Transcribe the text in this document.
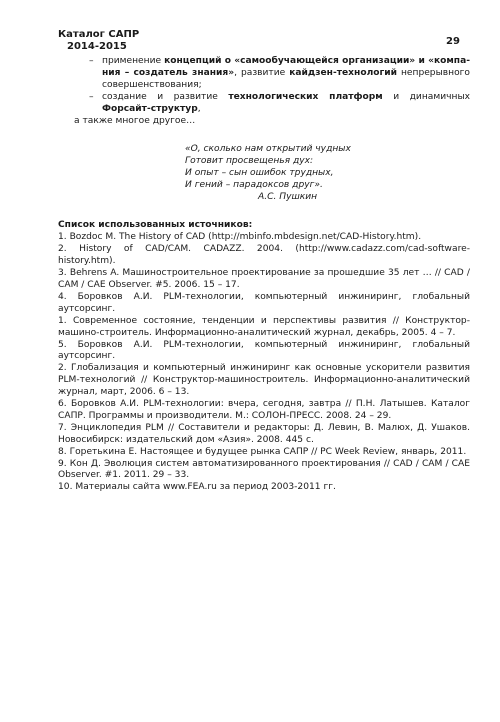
Каталог САПР
2014-2015	29
– применение концепций о «самообучающейся организации» и «компа-ния – создатель знания», развитие кайдзен-технологий непрерывного совершенствования;
– создание и развитие технологических платформ и динамичных Форсайт-структур,
а также многое другое…
«О, сколько нам открытий чудных
Готовит просвещенья дух:
И опыт – сын ошибок трудных,
И гений – парадоксов друг».
А.С. Пушкин
Список использованных источников:
1. Bozdoc M. The History of CAD (http://mbinfo.mbdesign.net/CAD-History.htm).
2. History of CAD/CAM. CADAZZ. 2004. (http://www.cadazz.com/cad-software-history.htm).
3. Behrens A. Машиностроительное проектирование за прошедшие 35 лет … // CAD / CAM / CAE Observer. #5. 2006. 15 – 17.
4. Боровков А.И. PLM-технологии, компьютерный инжиниринг, глобальный аутсорсинг.
1. Современное состояние, тенденции и перспективы развития // Конструктор-машино-строитель. Информационно-аналитический журнал, декабрь, 2005. 4 – 7.
5. Боровков А.И. PLM-технологии, компьютерный инжиниринг, глобальный аутсорсинг.
2. Глобализация и компьютерный инжиниринг как основные ускорители развития PLM-технологий // Конструктор-машиностроитель. Информационно-аналитический журнал, март, 2006. 6 – 13.
6. Боровков А.И. PLM-технологии: вчера, сегодня, завтра // П.Н. Латышев. Каталог САПР. Программы и производители. М.: СОЛОН-ПРЕСС. 2008. 24 – 29.
7. Энциклопедия PLM // Составители и редакторы: Д. Левин, В. Малюх, Д. Ушаков. Новосибирск: издательский дом «Азия». 2008. 445 с.
8. Горетькина Е. Настоящее и будущее рынка САПР // PC Week Review, январь, 2011.
9. Кон Д. Эволюция систем автоматизированного проектирования // CAD / CAM / CAE Observer. #1. 2011. 29 – 33.
10. Материалы сайта www.FEA.ru за период 2003-2011 гг.
